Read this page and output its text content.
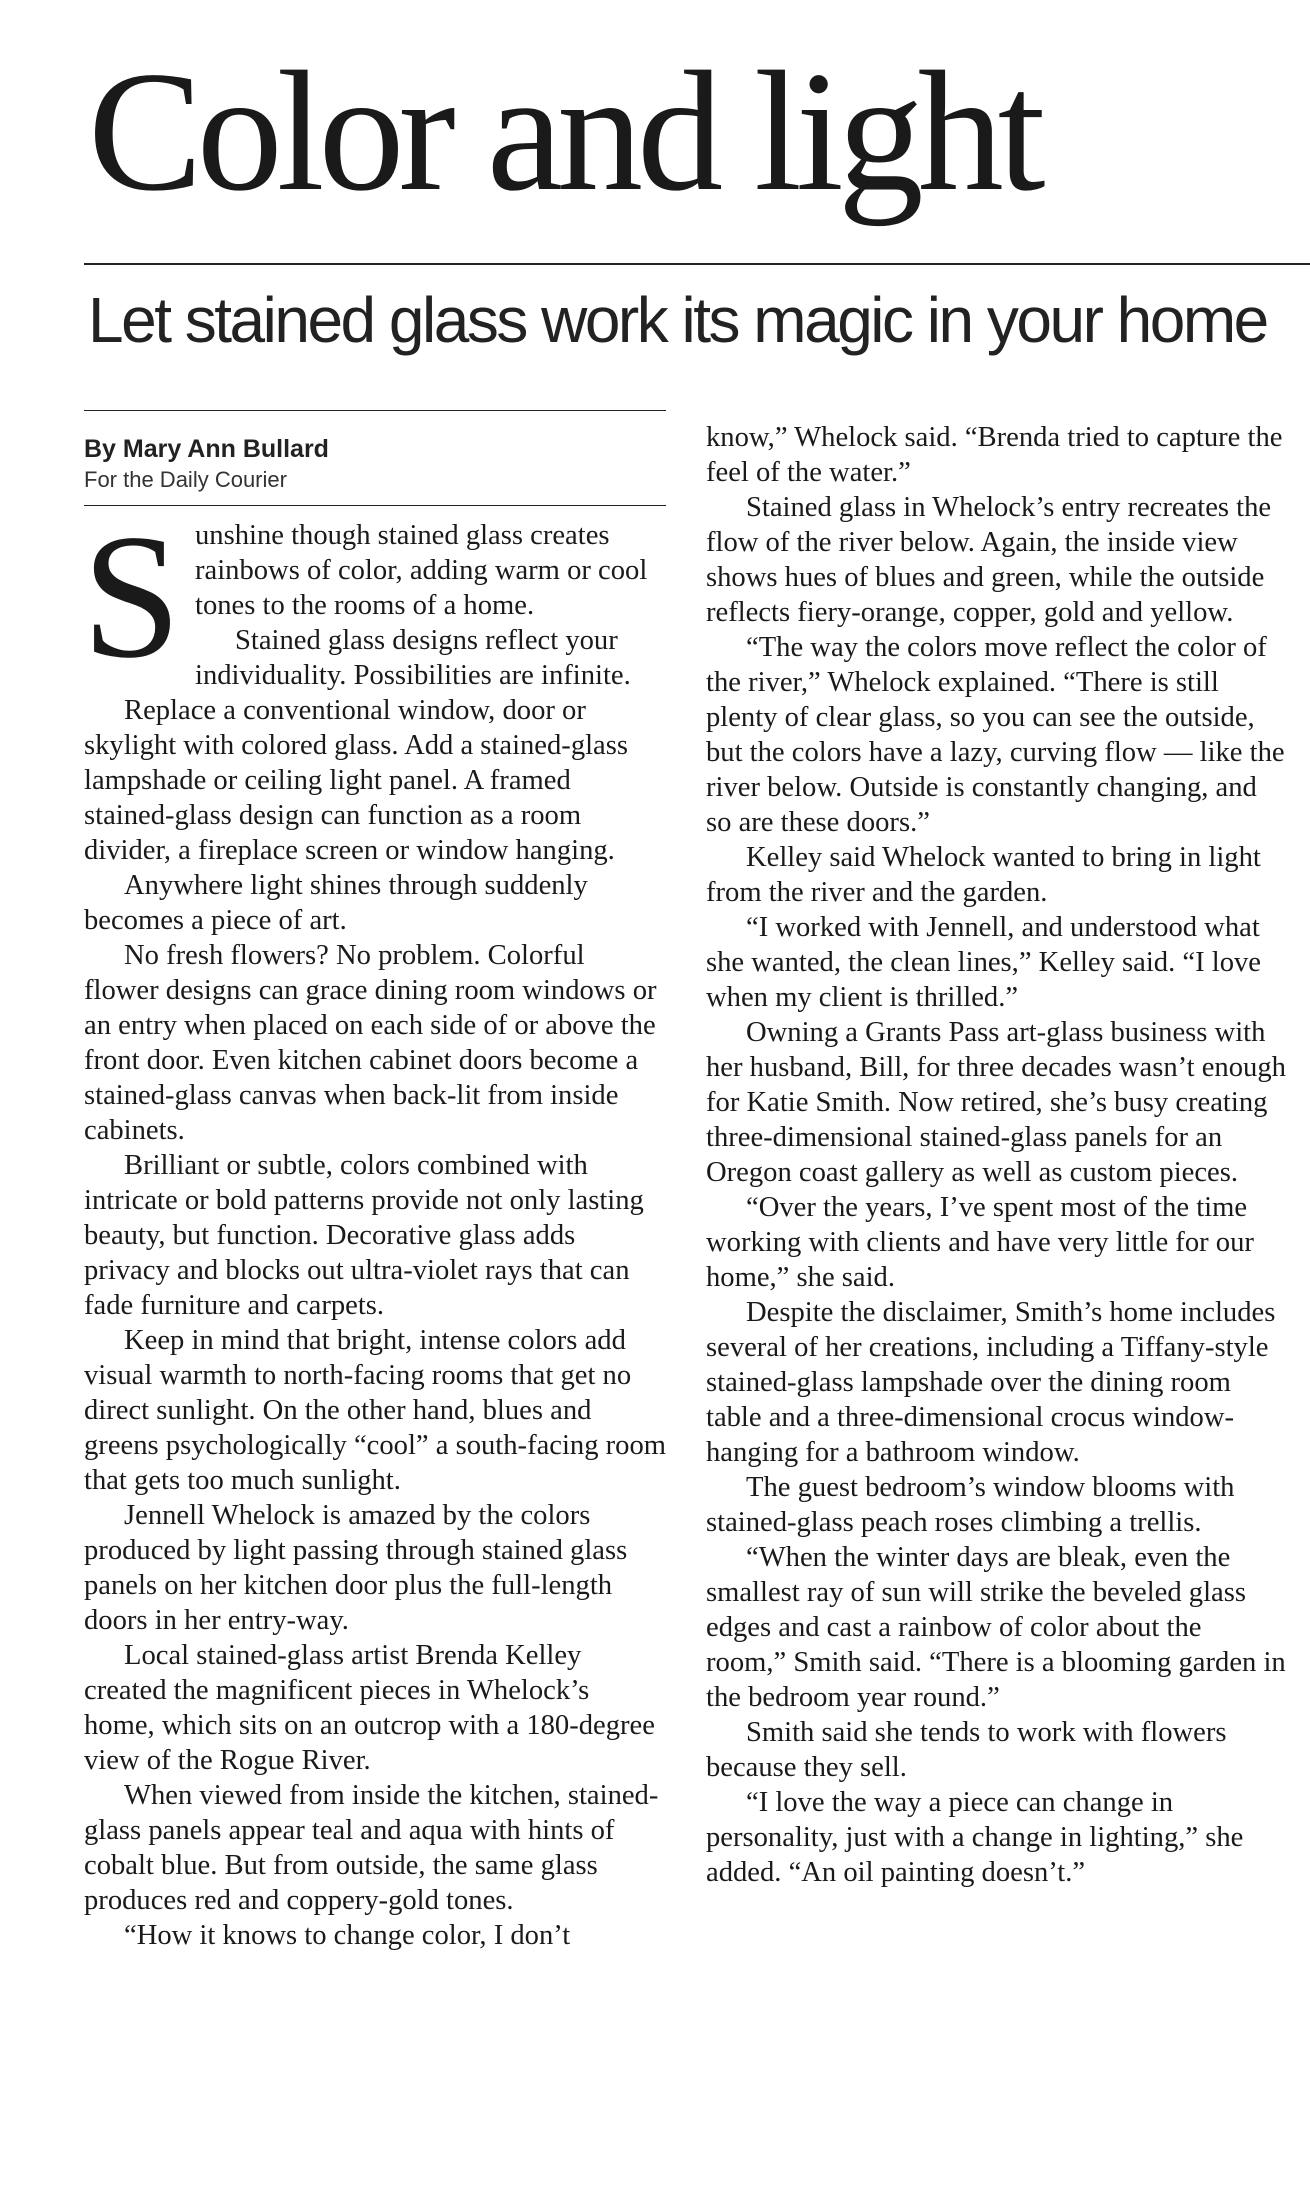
Color and light
Let stained glass work its magic in your home
By Mary Ann Bullard
For the Daily Courier

Sunshine though stained glass creates rainbows of color, adding warm or cool tones to the rooms of a home.

Stained glass designs reflect your individuality. Possibilities are infinite.

Replace a conventional window, door or skylight with colored glass. Add a stained-glass lampshade or ceiling light panel. A framed stained-glass design can function as a room divider, a fireplace screen or window hanging.

Anywhere light shines through suddenly becomes a piece of art.

No fresh flowers? No problem. Colorful flower designs can grace dining room windows or an entry when placed on each side of or above the front door. Even kitchen cabinet doors become a stained-glass canvas when back-lit from inside cabinets.

Brilliant or subtle, colors combined with intricate or bold patterns provide not only lasting beauty, but function. Decorative glass adds privacy and blocks out ultra-violet rays that can fade furniture and carpets.

Keep in mind that bright, intense colors add visual warmth to north-facing rooms that get no direct sunlight. On the other hand, blues and greens psychologically “cool” a south-facing room that gets too much sunlight.

Jennell Whelock is amazed by the colors produced by light passing through stained glass panels on her kitchen door plus the full-length doors in her entry-way.

Local stained-glass artist Brenda Kelley created the magnificent pieces in Whelock’s home, which sits on an outcrop with a 180-degree view of the Rogue River.

When viewed from inside the kitchen, stained-glass panels appear teal and aqua with hints of cobalt blue. But from outside, the same glass produces red and coppery-gold tones.

“How it knows to change color, I don’t

know,” Whelock said. “Brenda tried to capture the feel of the water.”

Stained glass in Whelock’s entry recreates the flow of the river below. Again, the inside view shows hues of blues and green, while the outside reflects fiery-orange, copper, gold and yellow.

“The way the colors move reflect the color of the river,” Whelock explained. “There is still plenty of clear glass, so you can see the outside, but the colors have a lazy, curving flow — like the river below. Outside is constantly changing, and so are these doors.”

Kelley said Whelock wanted to bring in light from the river and the garden.

“I worked with Jennell, and understood what she wanted, the clean lines,” Kelley said. “I love when my client is thrilled.”

Owning a Grants Pass art-glass business with her husband, Bill, for three decades wasn’t enough for Katie Smith. Now retired, she’s busy creating three-dimensional stained-glass panels for an Oregon coast gallery as well as custom pieces.

“Over the years, I’ve spent most of the time working with clients and have very little for our home,” she said.

Despite the disclaimer, Smith’s home includes several of her creations, including a Tiffany-style stained-glass lampshade over the dining room table and a three-dimensional crocus window-hanging for a bathroom window.

The guest bedroom’s window blooms with stained-glass peach roses climbing a trellis.

“When the winter days are bleak, even the smallest ray of sun will strike the beveled glass edges and cast a rainbow of color about the room,” Smith said. “There is a blooming garden in the bedroom year round.”

Smith said she tends to work with flowers because they sell.

“I love the way a piece can change in personality, just with a change in lighting,” she added. “An oil painting doesn’t.”
